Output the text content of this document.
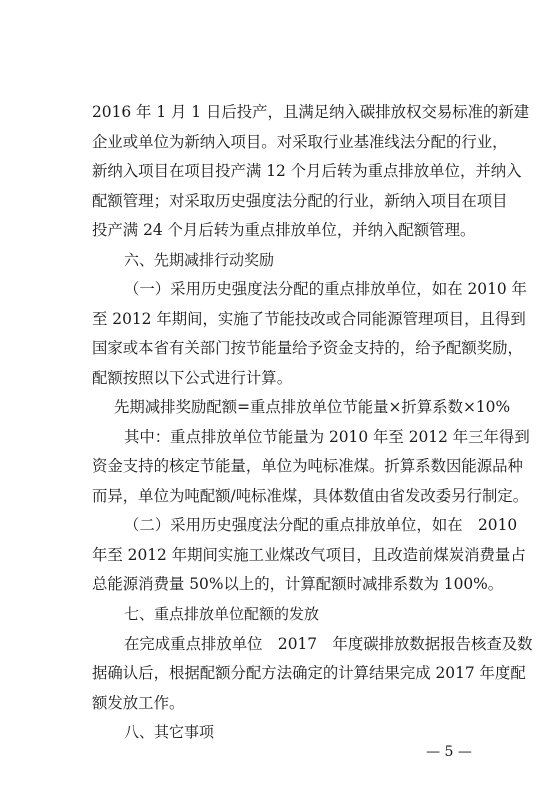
2016 年 1 月 1 日后投产，且满足纳入碳排放权交易标准的新建
企业或单位为新纳入项目。对采取行业基准线法分配的行业，
新纳入项目在项目投产满 12 个月后转为重点排放单位，并纳入
配额管理；对采取历史强度法分配的行业，新纳入项目在项目
投产满 24 个月后转为重点排放单位，并纳入配额管理。
六、先期减排行动奖励
（一）采用历史强度法分配的重点排放单位，如在 2010 年
至 2012 年期间，实施了节能技改或合同能源管理项目，且得到
国家或本省有关部门按节能量给予资金支持的，给予配额奖励，
配额按照以下公式进行计算。
先期减排奖励配额=重点排放单位节能量×折算系数×10%
其中：重点排放单位节能量为 2010 年至 2012 年三年得到
资金支持的核定节能量，单位为吨标准煤。折算系数因能源品种
而异，单位为吨配额/吨标准煤，具体数值由省发改委另行制定。
（二）采用历史强度法分配的重点排放单位，如在　2010
年至 2012 年期间实施工业煤改气项目，且改造前煤炭消费量占
总能源消费量 50%以上的，计算配额时减排系数为 100%。
七、重点排放单位配额的发放
在完成重点排放单位　2017　年度碳排放数据报告核查及数
据确认后，根据配额分配方法确定的计算结果完成 2017 年度配
额发放工作。
八、其它事项
— 5 —
